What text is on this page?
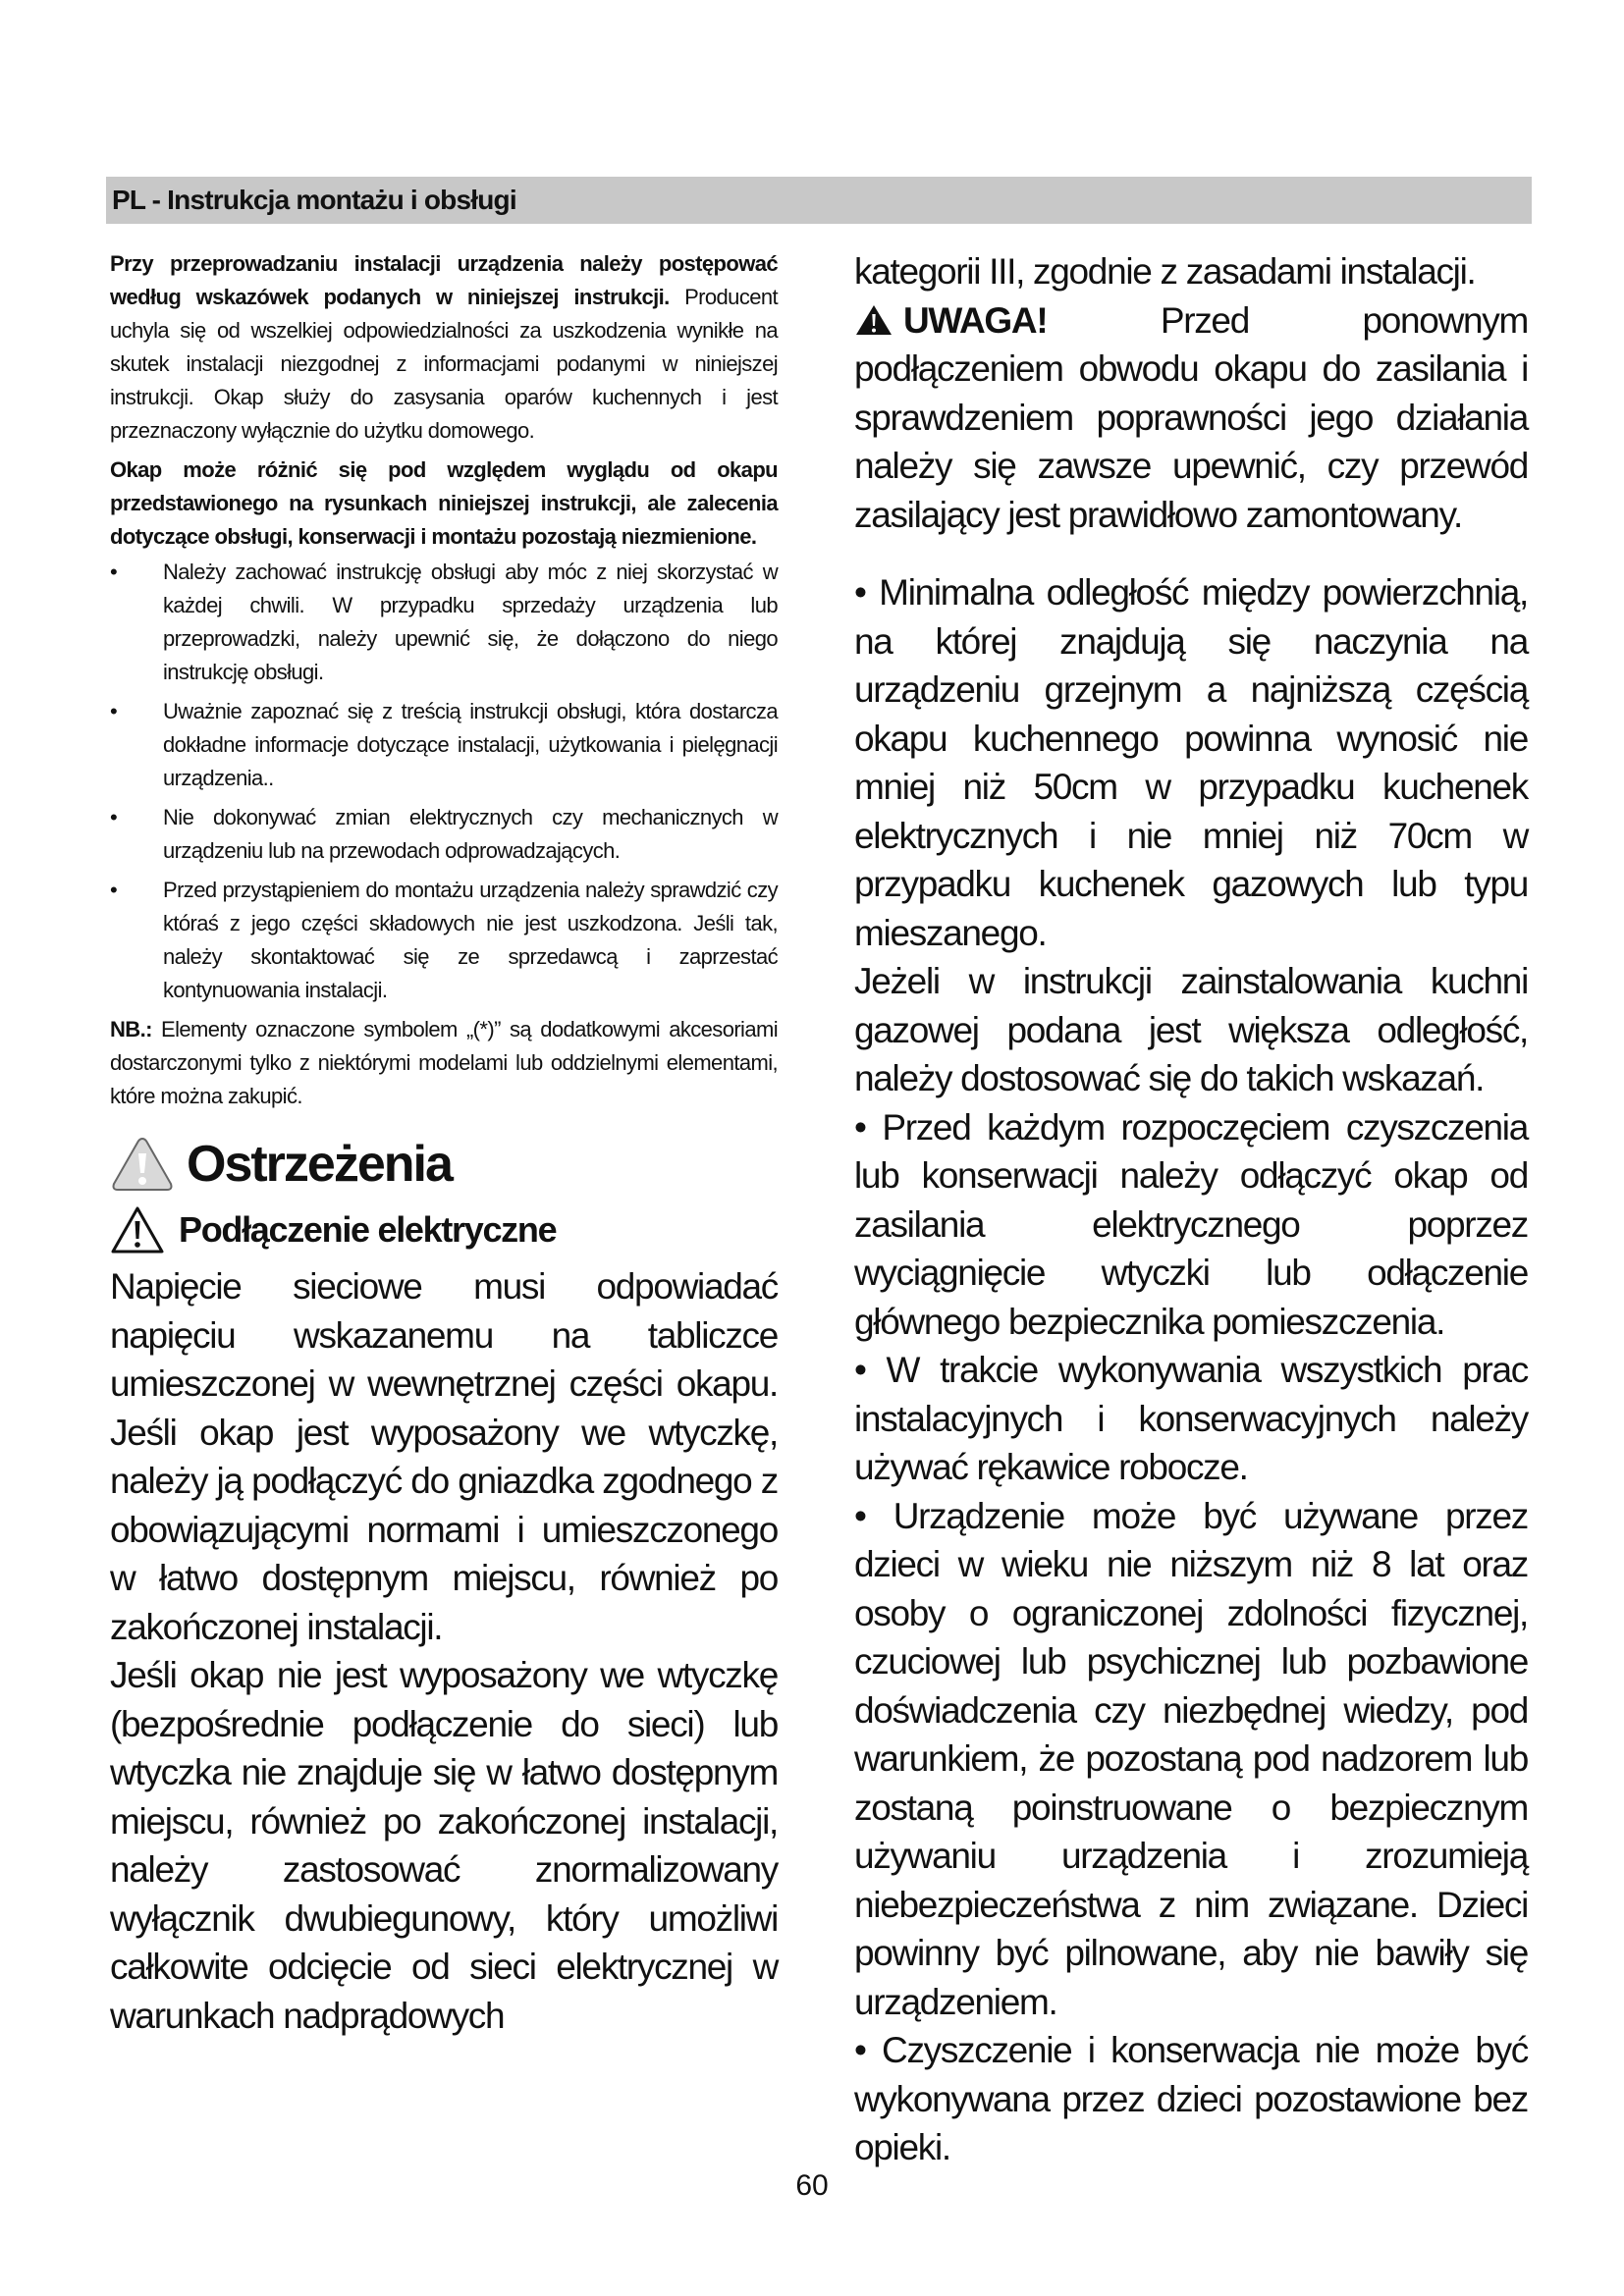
PL - Instrukcja montażu i obsługi

Przy przeprowadzaniu instalacji urządzenia należy postępować według wskazówek podanych w niniejszej instrukcji. Producent uchyla się od wszelkiej odpowiedzialności za uszkodzenia wynikłe na skutek instalacji niezgodnej z informacjami podanymi w niniejszej instrukcji. Okap służy do zasysania oparów kuchennych i jest przeznaczony wyłącznie do użytku domowego.

Okap może różnić się pod względem wyglądu od okapu przedstawionego na rysunkach niniejszej instrukcji, ale zalecenia dotyczące obsługi, konserwacji i montażu pozostają niezmienione.

• Należy zachować instrukcję obsługi aby móc z niej skorzystać w każdej chwili. W przypadku sprzedaży urządzenia lub przeprowadzki, należy upewnić się, że dołączono do niego instrukcję obsługi.
• Uważnie zapoznać się z treścią instrukcji obsługi, która dostarcza dokładne informacje dotyczące instalacji, użytkowania i pielęgnacji urządzenia..
• Nie dokonywać zmian elektrycznych czy mechanicznych w urządzeniu lub na przewodach odprowadzających.
• Przed przystąpieniem do montażu urządzenia należy sprawdzić czy któraś z jego części składowych nie jest uszkodzona. Jeśli tak, należy skontaktować się ze sprzedawcą i zaprzestać kontynuowania instalacji.

NB.: Elementy oznaczone symbolem „(*)” są dodatkowymi akcesoriami dostarczonymi tylko z niektórymi modelami lub oddzielnymi elementami, które można zakupić.

Ostrzeżenia
Podłączenie elektryczne

Napięcie sieciowe musi odpowiadać napięciu wskazanemu na tabliczce umieszczonej w wewnętrznej części okapu. Jeśli okap jest wyposażony we wtyczkę, należy ją podłączyć do gniazdka zgodnego z obowiązującymi normami i umieszczonego w łatwo dostępnym miejscu, również po zakończonej instalacji.

Jeśli okap nie jest wyposażony we wtyczkę (bezpośrednie podłączenie do sieci) lub wtyczka nie znajduje się w łatwo dostępnym miejscu, również po zakończonej instalacji, należy zastosować znormalizowany wyłącznik dwubiegunowy, który umożliwi całkowite odcięcie od sieci elektrycznej w warunkach nadprądowych

kategorii III, zgodnie z zasadami instalacji.

UWAGA! Przed ponownym podłączeniem obwodu okapu do zasilania i sprawdzeniem poprawności jego działania należy się zawsze upewnić, czy przewód zasilający jest prawidłowo zamontowany.

• Minimalna odległość między powierzchnią, na której znajdują się naczynia na urządzeniu grzejnym a najniższą częścią okapu kuchennego powinna wynosić nie mniej niż 50cm w przypadku kuchenek elektrycznych i nie mniej niż 70cm w przypadku kuchenek gazowych lub typu mieszanego.

Jeżeli w instrukcji zainstalowania kuchni gazowej podana jest większa odległość, należy dostosować się do takich wskazań.

• Przed każdym rozpoczęciem czyszczenia lub konserwacji należy odłączyć okap od zasilania elektrycznego poprzez wyciągnięcie wtyczki lub odłączenie głównego bezpiecznika pomieszczenia.

• W trakcie wykonywania wszystkich prac instalacyjnych i konserwacyjnych należy używać rękawice robocze.

• Urządzenie może być używane przez dzieci w wieku nie niższym niż 8 lat oraz osoby o ograniczonej zdolności fizycznej, czuciowej lub psychicznej lub pozbawione doświadczenia czy niezbędnej wiedzy, pod warunkiem, że pozostaną pod nadzorem lub zostaną poinstruowane o bezpiecznym używaniu urządzenia i zrozumieją niebezpieczeństwa z nim związane. Dzieci powinny być pilnowane, aby nie bawiły się urządzeniem.

• Czyszczenie i konserwacja nie może być wykonywana przez dzieci pozostawione bez opieki.

60
